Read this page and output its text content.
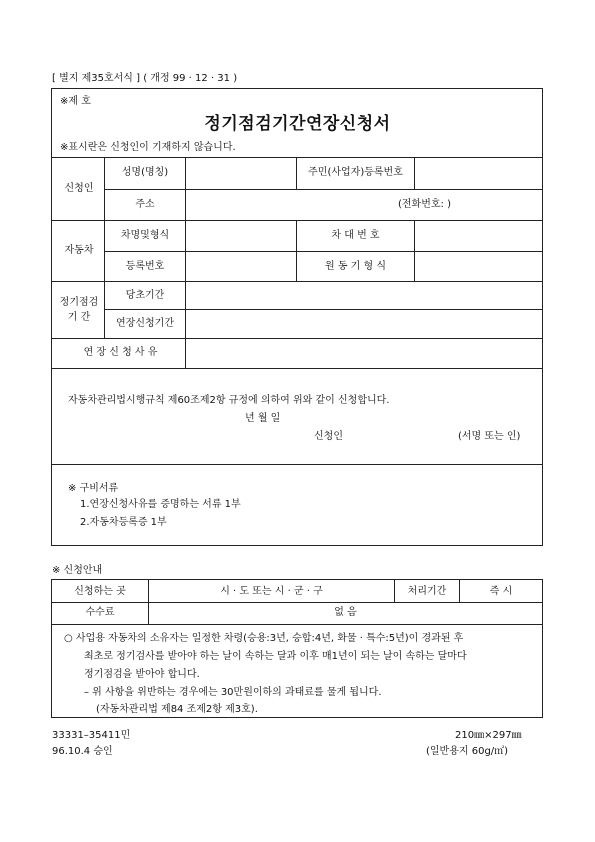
[ 별지 제35호서식 ] ( 개정 99 · 12 · 31 )
※제 호
정기점검기간연장신청서
※표시란은 신청인이 기재하지 않습니다.
신청인
성명(명칭)	주민(사업자)등록번호
주소	(전화번호: )
자동차
차명및형식	차 대 번 호
등록번호	원 동 기 형 식
정기점검
기 간
당초기간
연장신청기간
연 장 신 청 사 유
자동차관리법시행규칙 제60조제2항 규정에 의하여 위와 같이 신청합니다.
년 월 일
신청인	(서명 또는 인)
※ 구비서류
1.연장신청사유를 증명하는 서류 1부
2.자동차등록증 1부
※ 신청안내
신청하는 곳	시 · 도 또는 시 · 군 · 구	처리기간	즉 시
수수료	없 음
○ 사업용 자동차의 소유자는 일정한 차령(승용:3년, 승합:4년, 화물 · 특수:5년)이 경과된 후
최초로 정기검사를 받아야 하는 날이 속하는 달과 이후 매1년이 되는 날이 속하는 달마다
정기점검을 받아야 합니다.
– 위 사항을 위반하는 경우에는 30만원이하의 과태료를 물게 됩니다.
(자동차관리법 제84 조제2항 제3호).
33331–35411민
96.10.4 승인
210㎜×297㎜
(일반용지 60g/㎡)
